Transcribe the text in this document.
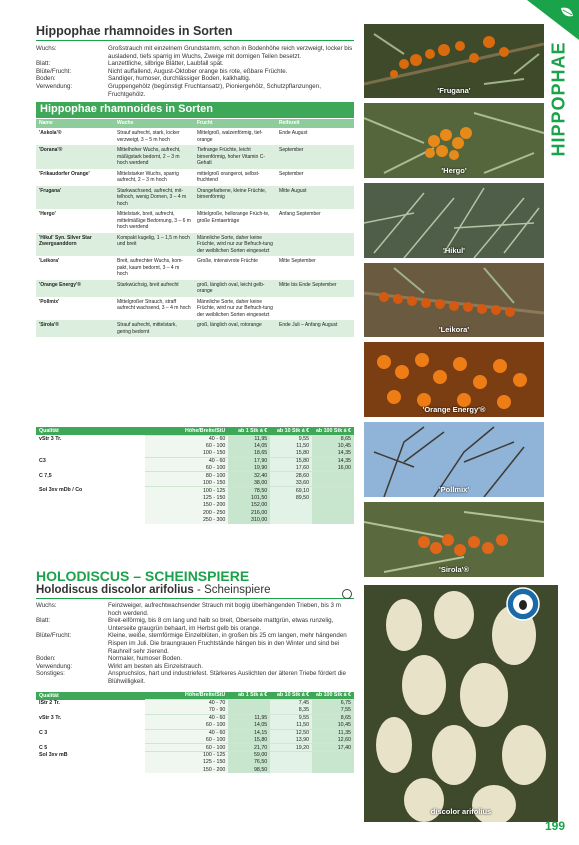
HIPPOPHAE
Hippophae rhamnoides in Sorten
Wuchs:	Großstrauch mit einzelnem Grundstamm, schon in Bodenhöhe reich verzweigt, locker bis ausladend, tiefs sparrig im Wuchs, Zweige mit dornigen Teilen besetzt.
Blatt:	Lanzettliche, silbrige Blätter, Laubfall spät.
Blüte/Frucht:	Nicht auffallend, August-Oktober orange bis rote, eßbare Früchte.
Boden:	Sandiger, humoser, durchlässiger Boden, kalkhaltig.
Verwendung:	Gruppengehölz (begünstigt Fruchtansatz), Pioniergehölz, Schutzpflanzungen, Fruchtgehölz.
Hippophae rhamnoides in Sorten
Name	Wuchs	Frucht	Reifezeit
'Askola'®	Strauf aufrecht, stark, locker verzweigt, 3 – 5 m hoch	Mittelgroß, walzenförmig, tief-orange	Ende August
'Dorana'®	Mittelhoher Wuchs, aufrecht, mäßigstark bedornt, 2 – 3 m hoch werdend	Tiefrange Früchte, leicht birnenförmig, hoher Vitamin C-Gehalt	September
'Frikaudorfer Orange'	Mittelstarker Wuchs, sparrig aufrecht, 2 – 3 m hoch	mittelgroß orangerot, selbst-fruchtend	September
'Frugana'	Starkwachsend, aufrecht, mit-telhoch, wenig Dornen, 3 – 4 m hoch	Orangefarbene, kleine Früchte, birnenförmig	Mitte August
'Hergo'	Mittelstark, breit, aufrecht, mittelmäßige Bedornung, 3 – 6 m hoch werdend	Mittelgroße, hellorange Früch-te, große Erntaerträge	Anfang September
'Hikul' Syn. Silver Star Zwergsanddorn	Kompakt kugelig, 1 – 1,5 m hoch und breit	Männliche Sorte, daher keine Früchte, wird nur zur Befruch-tung der weiblichen Sorten eingesetzt	
'Leikora'	Breit, aufrechter Wuchs, kom-pakt, kaum bedornt, 3 – 4 m hoch	Große, intensivrote Früchte	Mitte September
'Orange Energy'®	Starkwüchsig, breit aufrecht	groß, länglich oval, leicht gelb-orange	Mitte bis Ende September
'Pollmix'	Mittelgroßer Strauch, straff aufrecht wachsend, 3 – 4 m hoch	Männliche Sorte, daher keine Früchte, wird nur zur Befruch-tung der weiblichen Sorten eingesetzt	
'Sirola'®	Strauf aufrecht, mittelstark, gering bedornt	groß, länglich oval, rotorange	Ende Juli – Anfang August
Qualität	Höhe/Breite/StU	ab 1 Stk á €	ab 10 Stk á €	ab 100 Stk á €
vStr 3 Tr.	40 - 60	11,95	9,55	8,65
	60 - 100	14,05	11,50	10,45
	100 - 150	18,65	15,80	14,35
C3	40 - 60	17,90	15,80	14,35
	60 - 100	19,90	17,60	16,00
C 7,5	80 - 100	32,40	28,60	
	100 - 150	38,00	33,60	
Sol 3xv mDb / Co	100 - 125	78,50	69,10	
	125 - 150	101,50	89,50	
	150 - 200	152,00		
	200 - 250	216,00		
	250 - 300	310,00		
HOLODISCUS – SCHEINSPIERE
Holodiscus discolor arifolius - Scheinspiere
Wuchs:	Feinzweiger, aufrechtwachsender Strauch mit bogig überhängenden Trieben, bis 3 m hoch werdend.
Blatt:	Breit-eiförmig, bis 8 cm lang und halb so breit, Oberseite mattgrün, etwas runzelig, Unterseite graugrün behaart, im Herbst gelb bis orange.
Blüte/Frucht:	Kleine, weiße, sternförmige Einzelblüten, in großen bis 25 cm langen, mehr hängenden Rispen im Juli. Die braungrauen Fruchtstände hängen bis in den Winter und sind bei Rauhreif sehr zierend.
Boden:	Normaler, humoser Boden.
Verwendung:	Wirkt am besten als Einzelstrauch.
Sonstiges:	Anspruchslos, hart und industriefest. Stärkeres Auslichten der älteren Triebe fördert die Blühwilligkeit.
Qualität	Höhe/Breite/StU	ab 1 Stk á €	ab 10 Stk á €	ab 100 Stk á €
lStr 2 Tr.	40 - 70		7,45	6,75
	70 - 90		8,35	7,55
vStr 3 Tr.	40 - 60	11,95	9,55	8,65
	60 - 100	14,05	11,50	10,45
C 3	40 - 60	14,15	12,50	11,35
	60 - 100	15,80	13,90	12,60
C 5	60 - 100	21,70	19,20	17,40
Sol 3xv mB	100 - 125	59,00		
	125 - 150	76,50		
	150 - 200	98,50		
'Frugana'
'Hergo'
'Hikul'
'Leikora'
'Orange Energy'®
'Pollmix'
'Sirola'®
discolor arifolius
199
